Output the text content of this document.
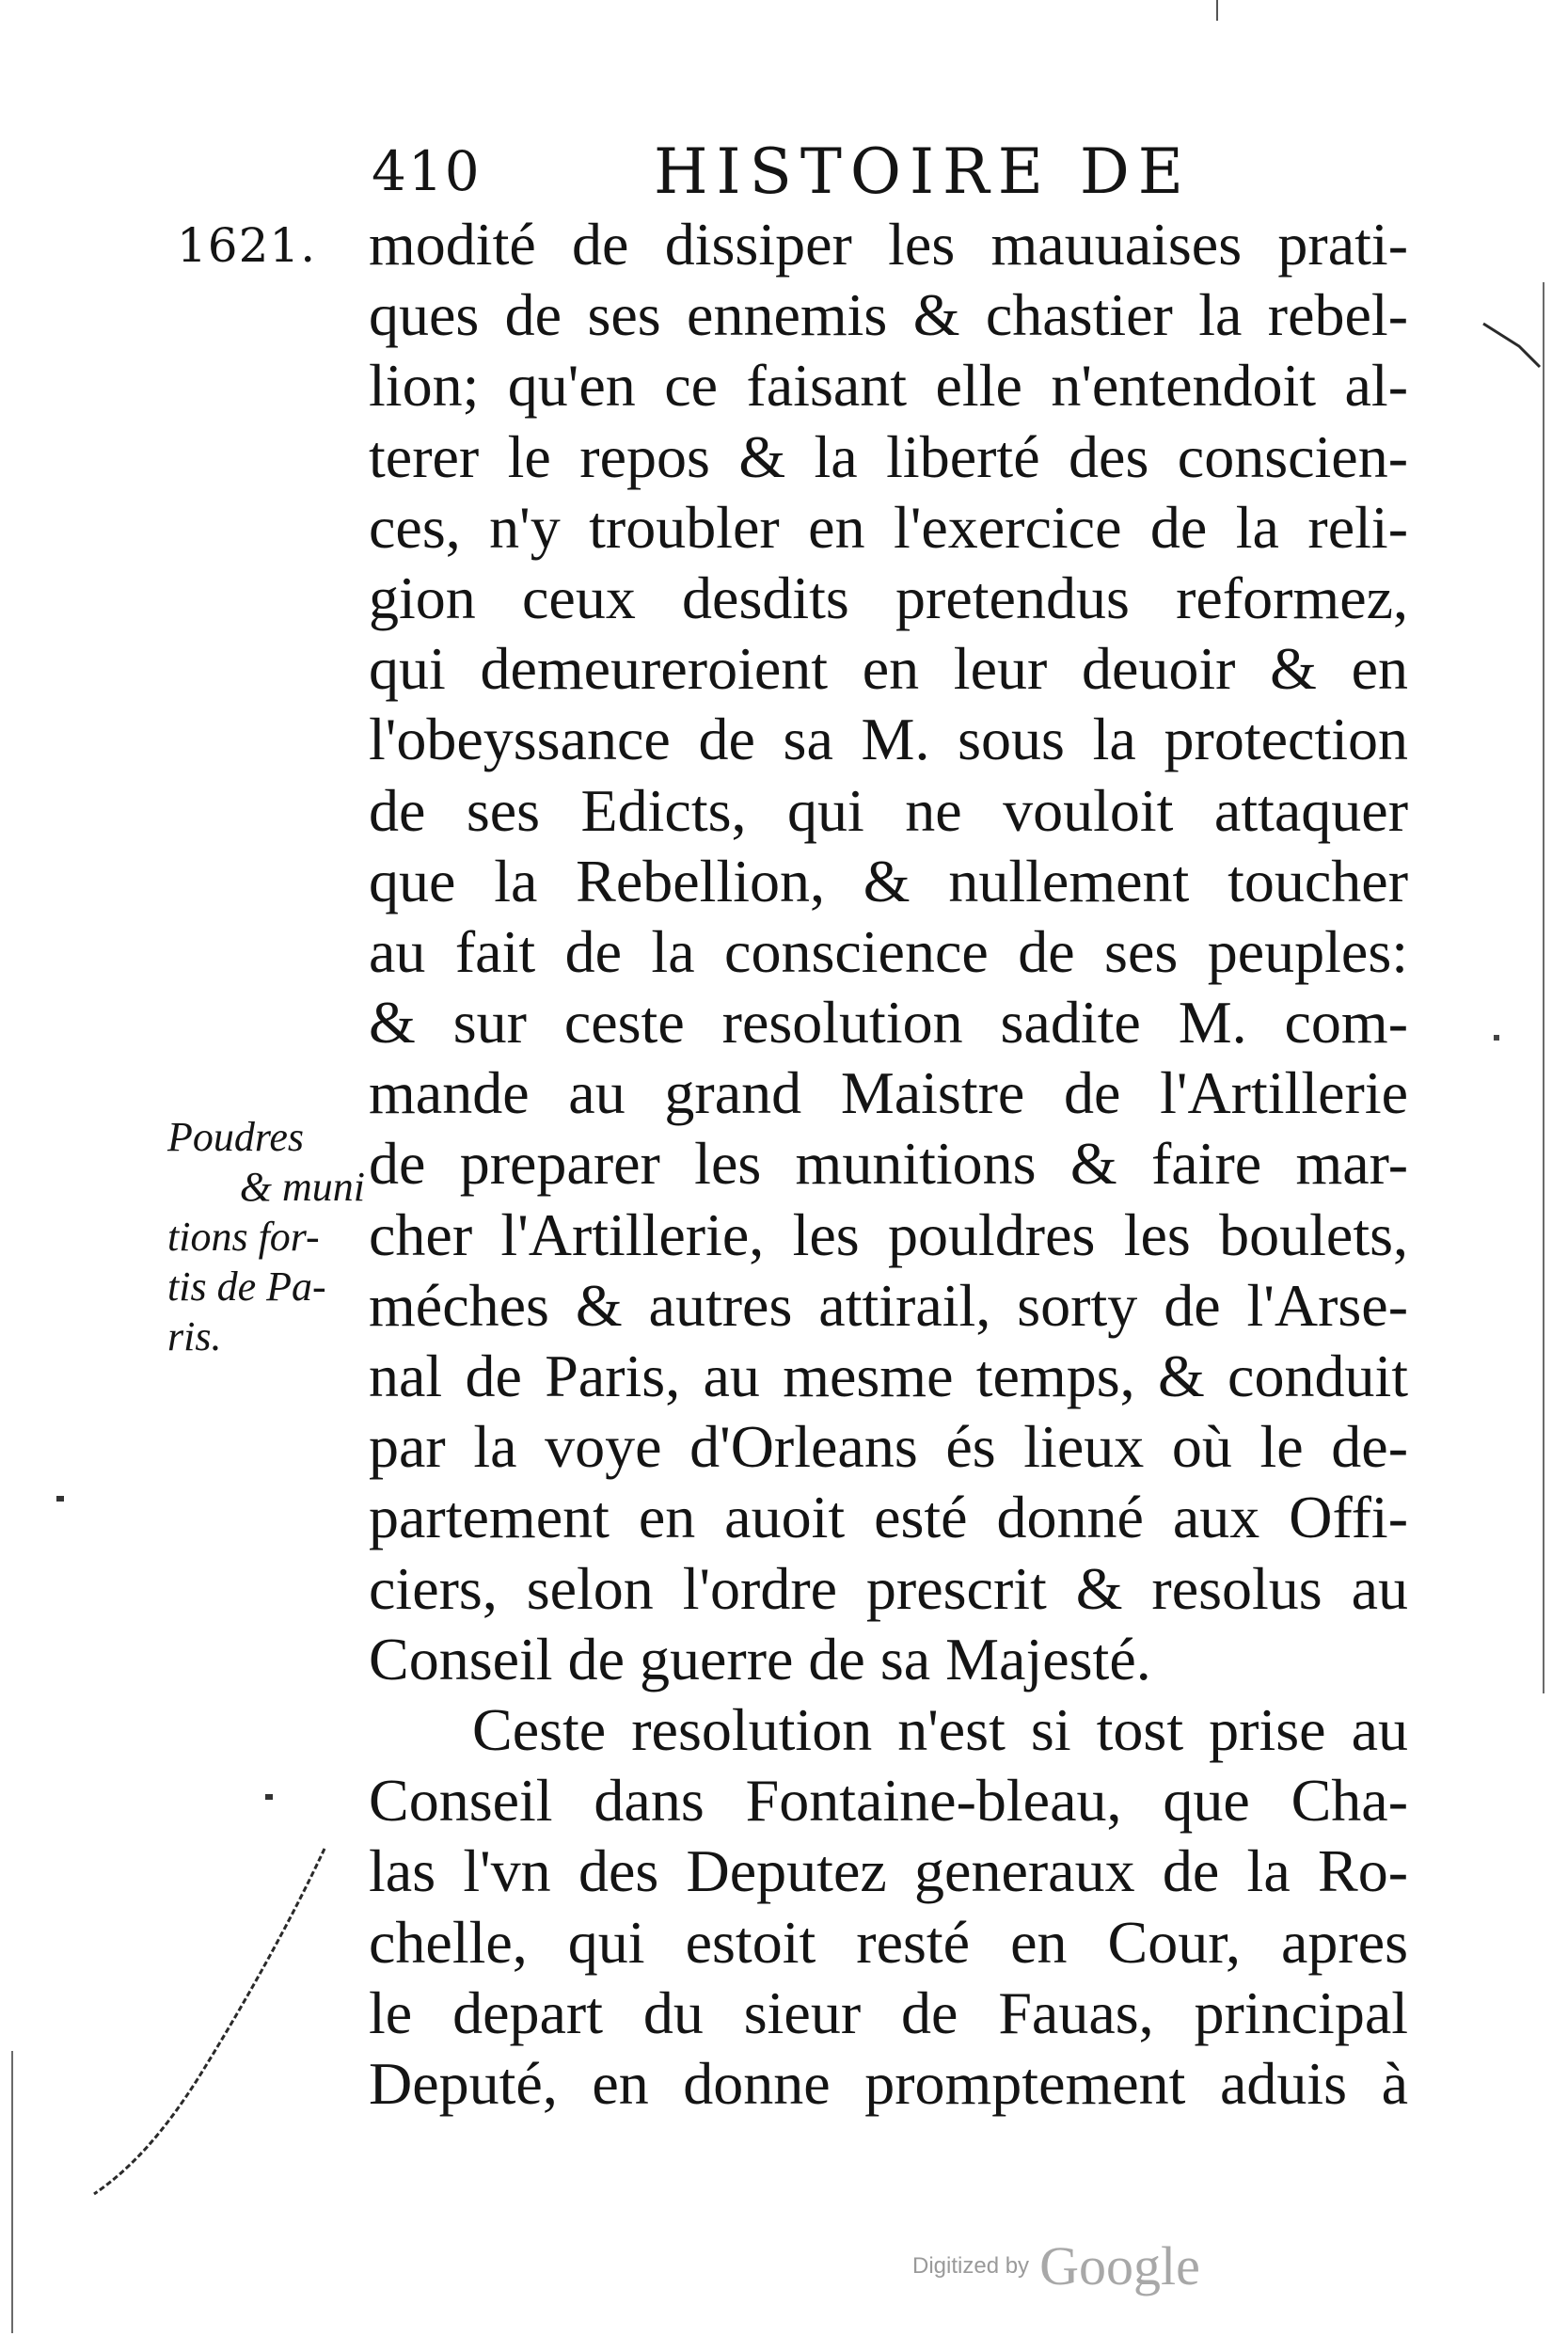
410	HISTOIRE DE
1621.
Poudres
& muni
tions for-
tis de Pa-
ris.
modité de dissiper les mauuaises prati-
ques de ses ennemis & chastier la rebel-
lion; qu'en ce faisant elle n'entendoit al-
terer le repos & la liberté des conscien-
ces, n'y troubler en l'exercice de la reli-
gion ceux desdits pretendus reformez,
qui demeureroient en leur deuoir & en
l'obeyssance de sa M. sous la protection
de ses Edicts, qui ne vouloit attaquer
que la Rebellion, & nullement toucher
au fait de la conscience de ses peuples:
& sur ceste resolution sadite M. com-
mande au grand Maistre de l'Artillerie
de preparer les munitions & faire mar-
cher l'Artillerie, les pouldres les boulets,
méches & autres attirail, sorty de l'Arse-
nal de Paris, au mesme temps, & conduit
par la voye d'Orleans és lieux où le de-
partement en auoit esté donné aux Offi-
ciers, selon l'ordre prescrit & resolus au
Conseil de guerre de sa Majesté.
Ceste resolution n'est si tost prise au
Conseil dans Fontaine-bleau, que Cha-
las l'vn des Deputez generaux de la Ro-
chelle, qui estoit resté en Cour, apres
le depart du sieur de Fauas, principal
Deputé, en donne promptement aduis à
Digitized by Google
